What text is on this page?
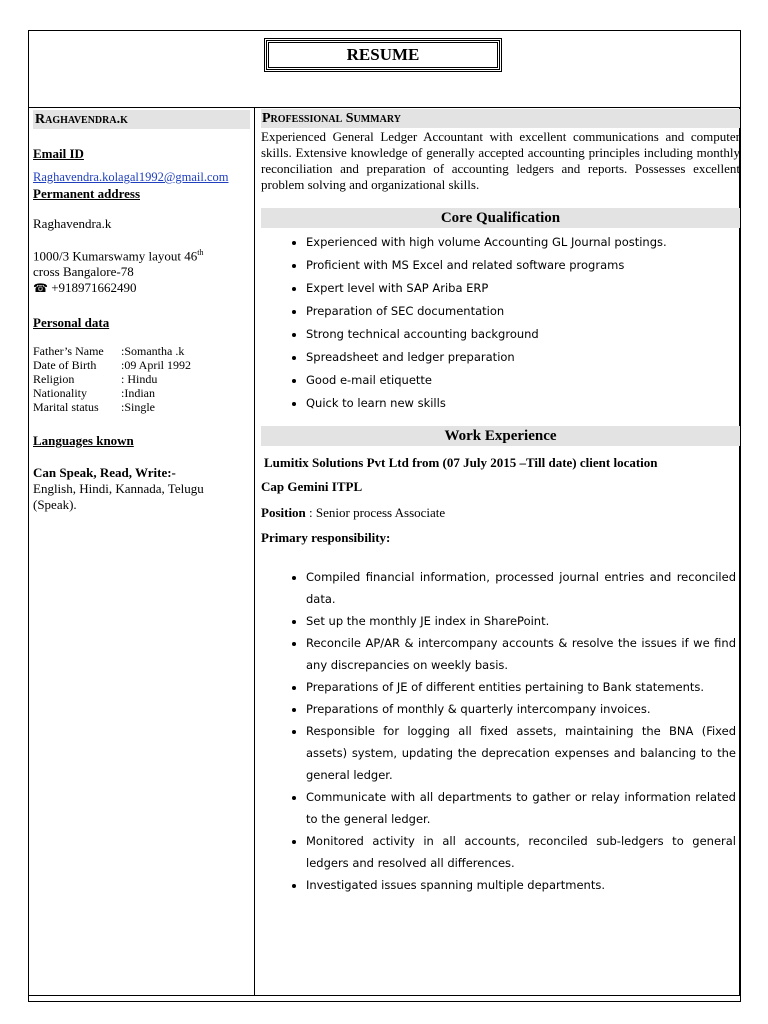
RESUME
Raghavendra.k
Email ID
Raghavendra.kolagal1992@gmail.com
Permanent address
Raghavendra.k
1000/3 Kumarswamy layout 46th
cross Bangalore-78
☎ +918971662490
Personal data
Father’s Name	:Somantha .k
Date of Birth	:09 April 1992
Religion	: Hindu
Nationality	:Indian
Marital status	:Single
Languages known
Can Speak, Read, Write:-
English, Hindi, Kannada, Telugu (Speak).
Professional Summary

Experienced General Ledger Accountant with excellent communications and computer skills. Extensive knowledge of generally accepted accounting principles including monthly reconciliation and preparation of accounting ledgers and reports. Possesses excellent problem solving and organizational skills.

Core Qualification
• Experienced with high volume Accounting GL Journal postings.
• Proficient with MS Excel and related software programs
• Expert level with SAP Ariba ERP
• Preparation of SEC documentation
• Strong technical accounting background
• Spreadsheet and ledger preparation
• Good e-mail etiquette
• Quick to learn new skills
Work Experience
Lumitix Solutions Pvt Ltd from (07 July 2015 –Till date) client location
Cap Gemini ITPL
Position : Senior process Associate
Primary responsibility:
• Compiled financial information, processed journal entries and reconciled data.
• Set up the monthly JE index in SharePoint.
• Reconcile AP/AR & intercompany accounts & resolve the issues if we find any discrepancies on weekly basis.
• Preparations of JE of different entities pertaining to Bank statements.
• Preparations of monthly & quarterly intercompany invoices.
• Responsible for logging all fixed assets, maintaining the BNA (Fixed assets) system, updating the deprecation expenses and balancing to the general ledger.
• Communicate with all departments to gather or relay information related to the general ledger.
• Monitored activity in all accounts, reconciled sub-ledgers to general ledgers and resolved all differences.
• Investigated issues spanning multiple departments.
